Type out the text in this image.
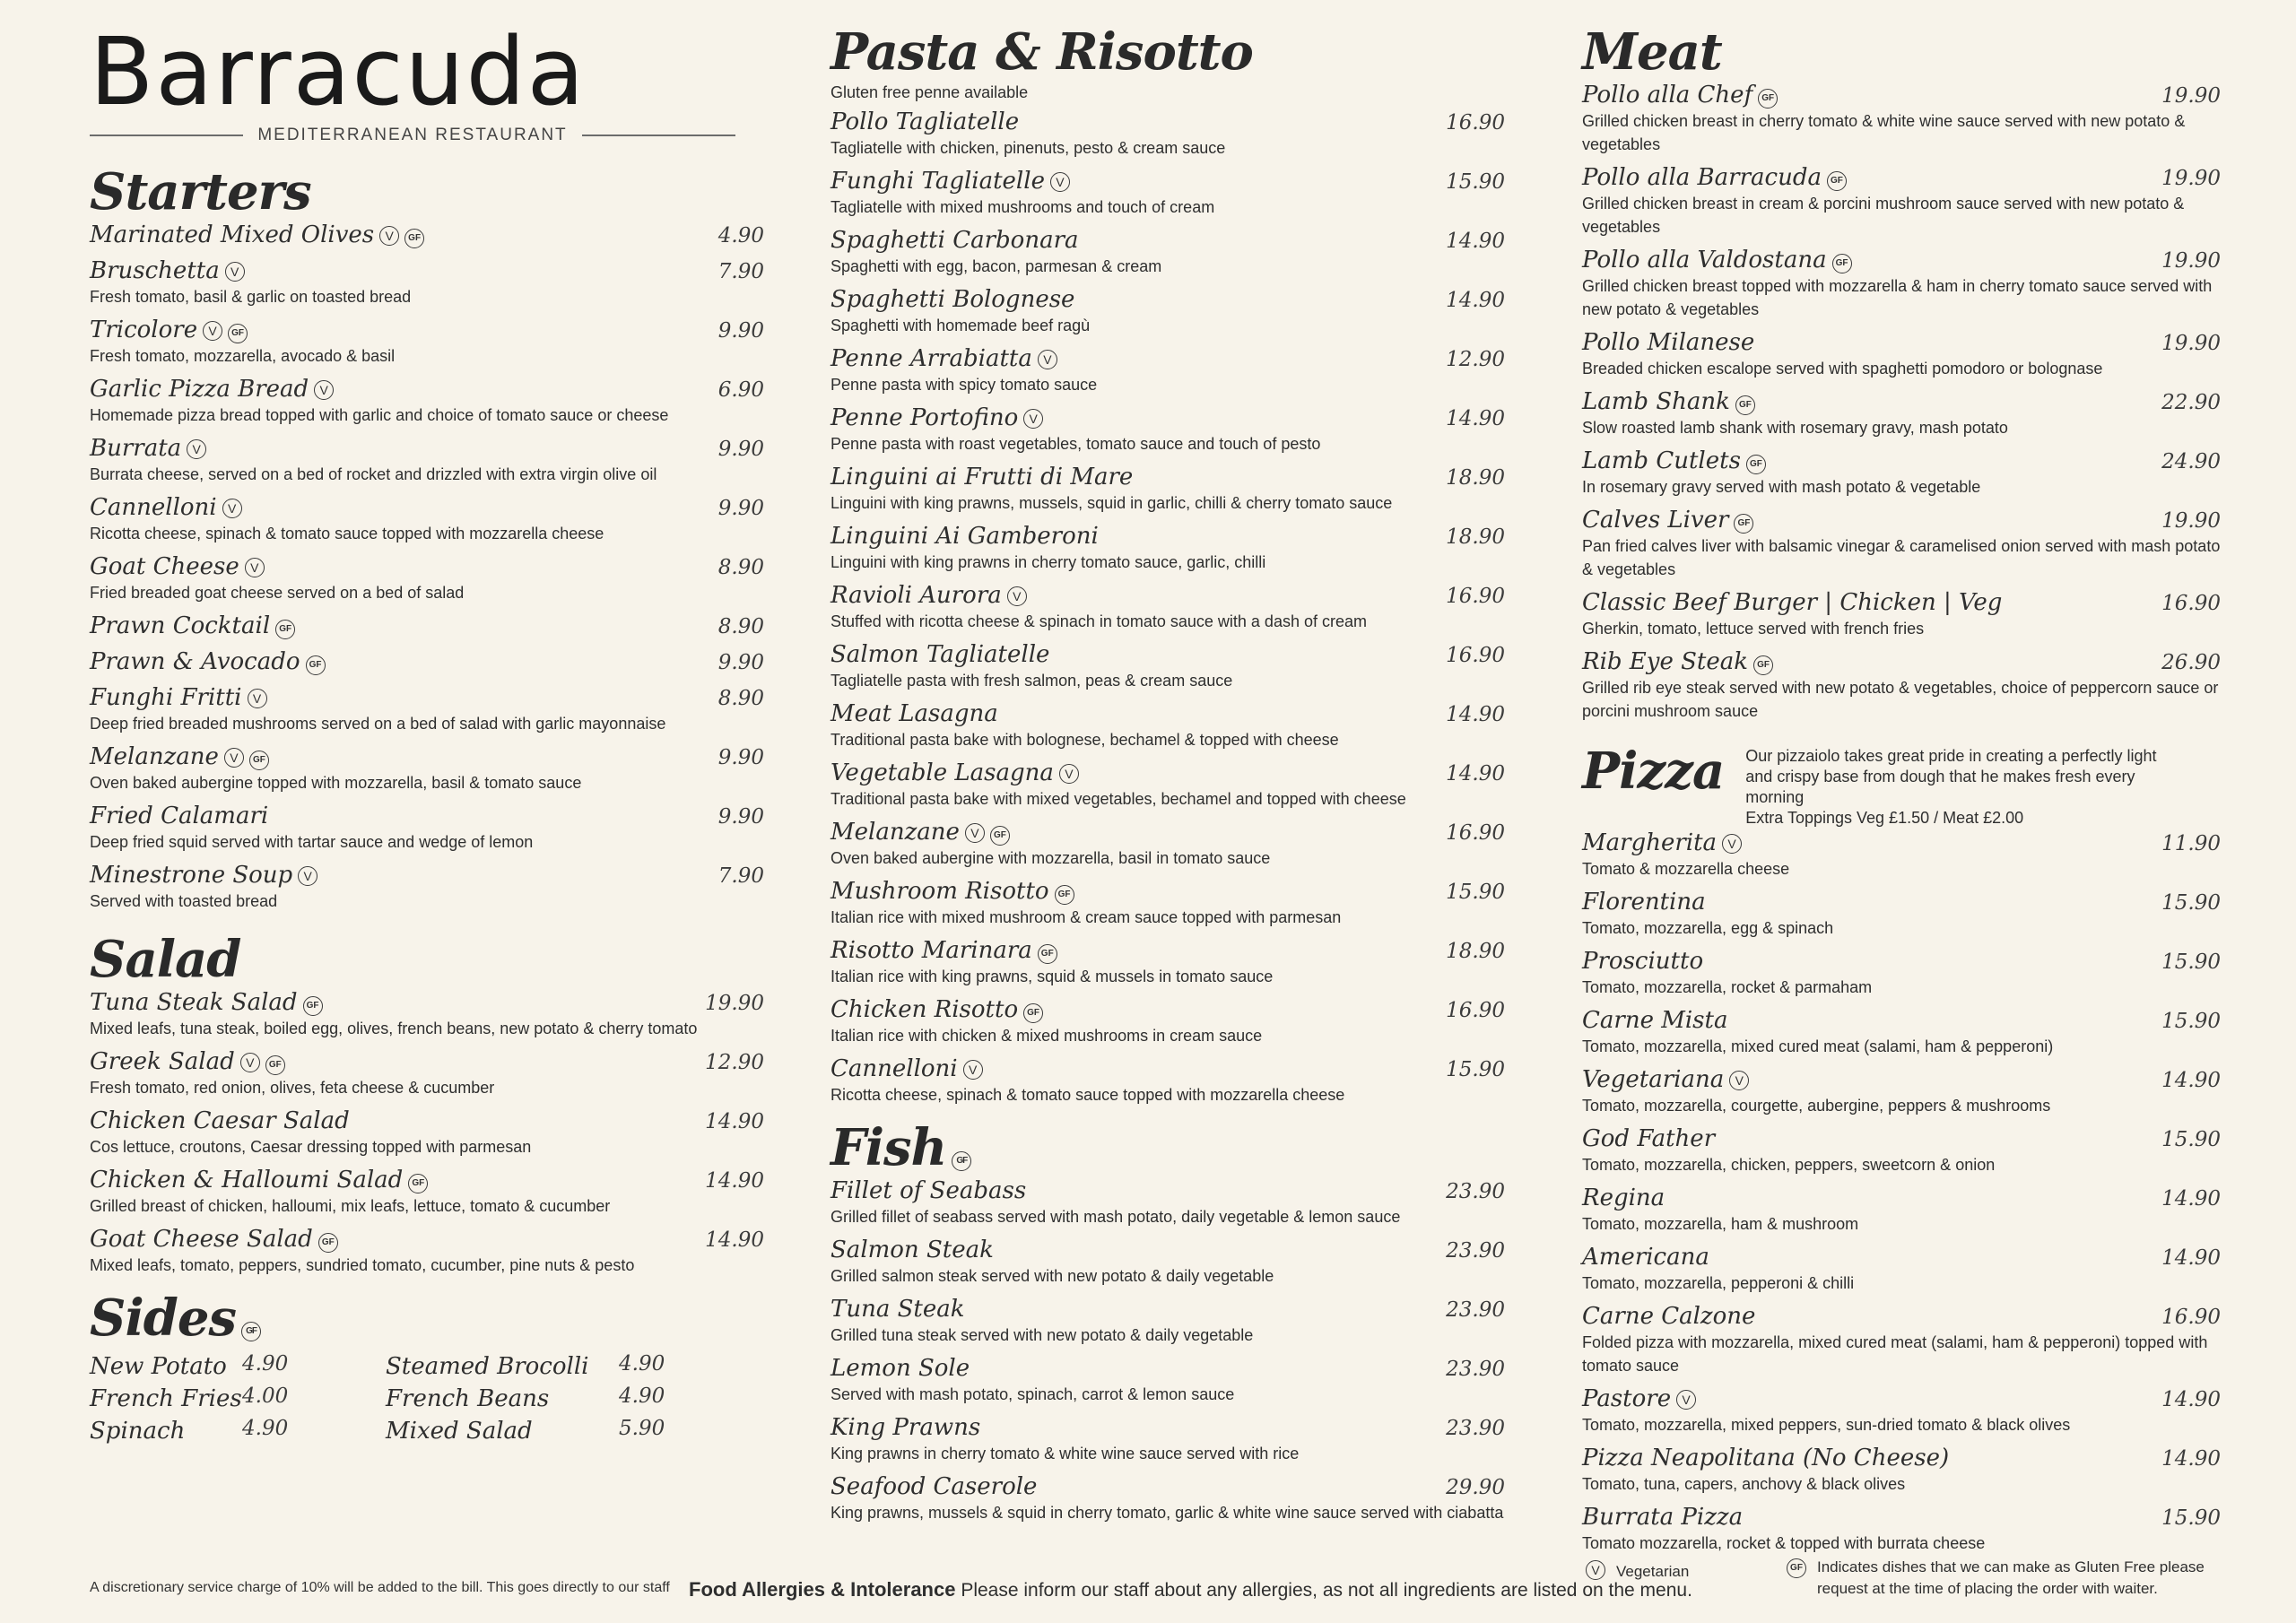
Barracuda
MEDITERRANEAN RESTAURANT
Starters
Marinated Mixed Olives V GF	4.90
Bruschetta V	7.90
Fresh tomato, basil & garlic on toasted bread
Tricolore V GF	9.90
Fresh tomato, mozzarella, avocado & basil
Garlic Pizza Bread V	6.90
Homemade pizza bread topped with garlic and choice of tomato sauce or cheese
Burrata V	9.90
Burrata cheese, served on a bed of rocket and drizzled with extra virgin olive oil
Cannelloni V	9.90
Ricotta cheese, spinach & tomato sauce topped with mozzarella cheese
Goat Cheese V	8.90
Fried breaded goat cheese served on a bed of salad
Prawn Cocktail GF	8.90
Prawn & Avocado GF	9.90
Funghi Fritti V	8.90
Deep fried breaded mushrooms served on a bed of salad with garlic mayonnaise
Melanzane V GF	9.90
Oven baked aubergine topped with mozzarella, basil & tomato sauce
Fried Calamari	9.90
Deep fried squid served with tartar sauce and wedge of lemon
Minestrone Soup V	7.90
Served with toasted bread
Salad
Tuna Steak Salad GF	19.90
Mixed leafs, tuna steak, boiled egg, olives, french beans, new potato & cherry tomato
Greek Salad V GF	12.90
Fresh tomato, red onion, olives, feta cheese & cucumber
Chicken Caesar Salad	14.90
Cos lettuce, croutons, Caesar dressing topped with parmesan
Chicken & Halloumi Salad GF	14.90
Grilled breast of chicken, halloumi, mix leafs, lettuce, tomato & cucumber
Goat Cheese Salad GF	14.90
Mixed leafs, tomato, peppers, sundried tomato, cucumber, pine nuts & pesto
Sides GF
New Potato 4.90	Steamed Brocolli	4.90
French Fries 4.00	French Beans	4.90
Spinach	4.90	Mixed Salad	5.90
Pasta & Risotto
Gluten free penne available
Pollo Tagliatelle	16.90
Tagliatelle with chicken, pinenuts, pesto & cream sauce
Funghi Tagliatelle V	15.90
Tagliatelle with mixed mushrooms and touch of cream
Spaghetti Carbonara	14.90
Spaghetti with egg, bacon, parmesan & cream
Spaghetti Bolognese	14.90
Spaghetti with homemade beef ragù
Penne Arrabiatta V	12.90
Penne pasta with spicy tomato sauce
Penne Portofino V	14.90
Penne pasta with roast vegetables, tomato sauce and touch of pesto
Linguini ai Frutti di Mare	18.90
Linguini with king prawns, mussels, squid in garlic, chilli & cherry tomato sauce
Linguini Ai Gamberoni	18.90
Linguini with king prawns in cherry tomato sauce, garlic, chilli
Ravioli Aurora V	16.90
Stuffed with ricotta cheese & spinach in tomato sauce with a dash of cream
Salmon Tagliatelle	16.90
Tagliatelle pasta with fresh salmon, peas & cream sauce
Meat Lasagna	14.90
Traditional pasta bake with bolognese, bechamel & topped with cheese
Vegetable Lasagna V	14.90
Traditional pasta bake with mixed vegetables, bechamel and topped with cheese
Melanzane V GF	16.90
Oven baked aubergine with mozzarella, basil in tomato sauce
Mushroom Risotto GF	15.90
Italian rice with mixed mushroom & cream sauce topped with parmesan
Risotto Marinara GF	18.90
Italian rice with king prawns, squid & mussels in tomato sauce
Chicken Risotto GF	16.90
Italian rice with chicken & mixed mushrooms in cream sauce
Cannelloni V	15.90
Ricotta cheese, spinach & tomato sauce topped with mozzarella cheese
Fish GF
Fillet of Seabass	23.90
Grilled fillet of seabass served with mash potato, daily vegetable & lemon sauce
Salmon Steak	23.90
Grilled salmon steak served with new potato & daily vegetable
Tuna Steak	23.90
Grilled tuna steak served with new potato & daily vegetable
Lemon Sole	23.90
Served with mash potato, spinach, carrot & lemon sauce
King Prawns	23.90
King prawns in cherry tomato & white wine sauce served with rice
Seafood Caserole	29.90
King prawns, mussels & squid in cherry tomato, garlic & white wine sauce served with ciabatta
Meat
Pollo alla Chef GF	19.90
Grilled chicken breast in cherry tomato & white wine sauce served with new potato & vegetables
Pollo alla Barracuda GF	19.90
Grilled chicken breast in cream & porcini mushroom sauce served with new potato & vegetables
Pollo alla Valdostana GF	19.90
Grilled chicken breast topped with mozzarella & ham in cherry tomato sauce served with new potato & vegetables
Pollo Milanese	19.90
Breaded chicken escalope served with spaghetti pomodoro or bolognase
Lamb Shank GF	22.90
Slow roasted lamb shank with rosemary gravy, mash potato
Lamb Cutlets GF	24.90
In rosemary gravy served with mash potato & vegetable
Calves Liver GF	19.90
Pan fried calves liver with balsamic vinegar & caramelised onion served with mash potato & vegetables
Classic Beef Burger | Chicken | Veg	16.90
Gherkin, tomato, lettuce served with french fries
Rib Eye Steak GF	26.90
Grilled rib eye steak served with new potato & vegetables, choice of peppercorn sauce or porcini mushroom sauce
Pizza Our pizzaiolo takes great pride in creating a perfectly light and crispy base from dough that he makes fresh every morning
Extra Toppings Veg £1.50 / Meat £2.00
Margherita V	11.90
Tomato & mozzarella cheese
Florentina	15.90
Tomato, mozzarella, egg & spinach
Prosciutto	15.90
Tomato, mozzarella, rocket & parmaham
Carne Mista	15.90
Tomato, mozzarella, mixed cured meat (salami, ham & pepperoni)
Vegetariana V	14.90
Tomato, mozzarella, courgette, aubergine, peppers & mushrooms
God Father	15.90
Tomato, mozzarella, chicken, peppers, sweetcorn & onion
Regina	14.90
Tomato, mozzarella, ham & mushroom
Americana	14.90
Tomato, mozzarella, pepperoni & chilli
Carne Calzone	16.90
Folded pizza with mozzarella, mixed cured meat (salami, ham & pepperoni) topped with tomato sauce
Pastore V	14.90
Tomato, mozzarella, mixed peppers, sun-dried tomato & black olives
Pizza Neapolitana (No Cheese)	14.90
Tomato, tuna, capers, anchovy & black olives
Burrata Pizza	15.90
Tomato mozzarella, rocket & topped with burrata cheese
A discretionary service charge of 10% will be added to the bill. This goes directly to our staff Food Allergies & Intolerance Please inform our staff about any allergies, as not all ingredients are listed on the menu.
V Vegetarian	GF Indicates dishes that we can make as Gluten Free please request at the time of placing the order with waiter.
